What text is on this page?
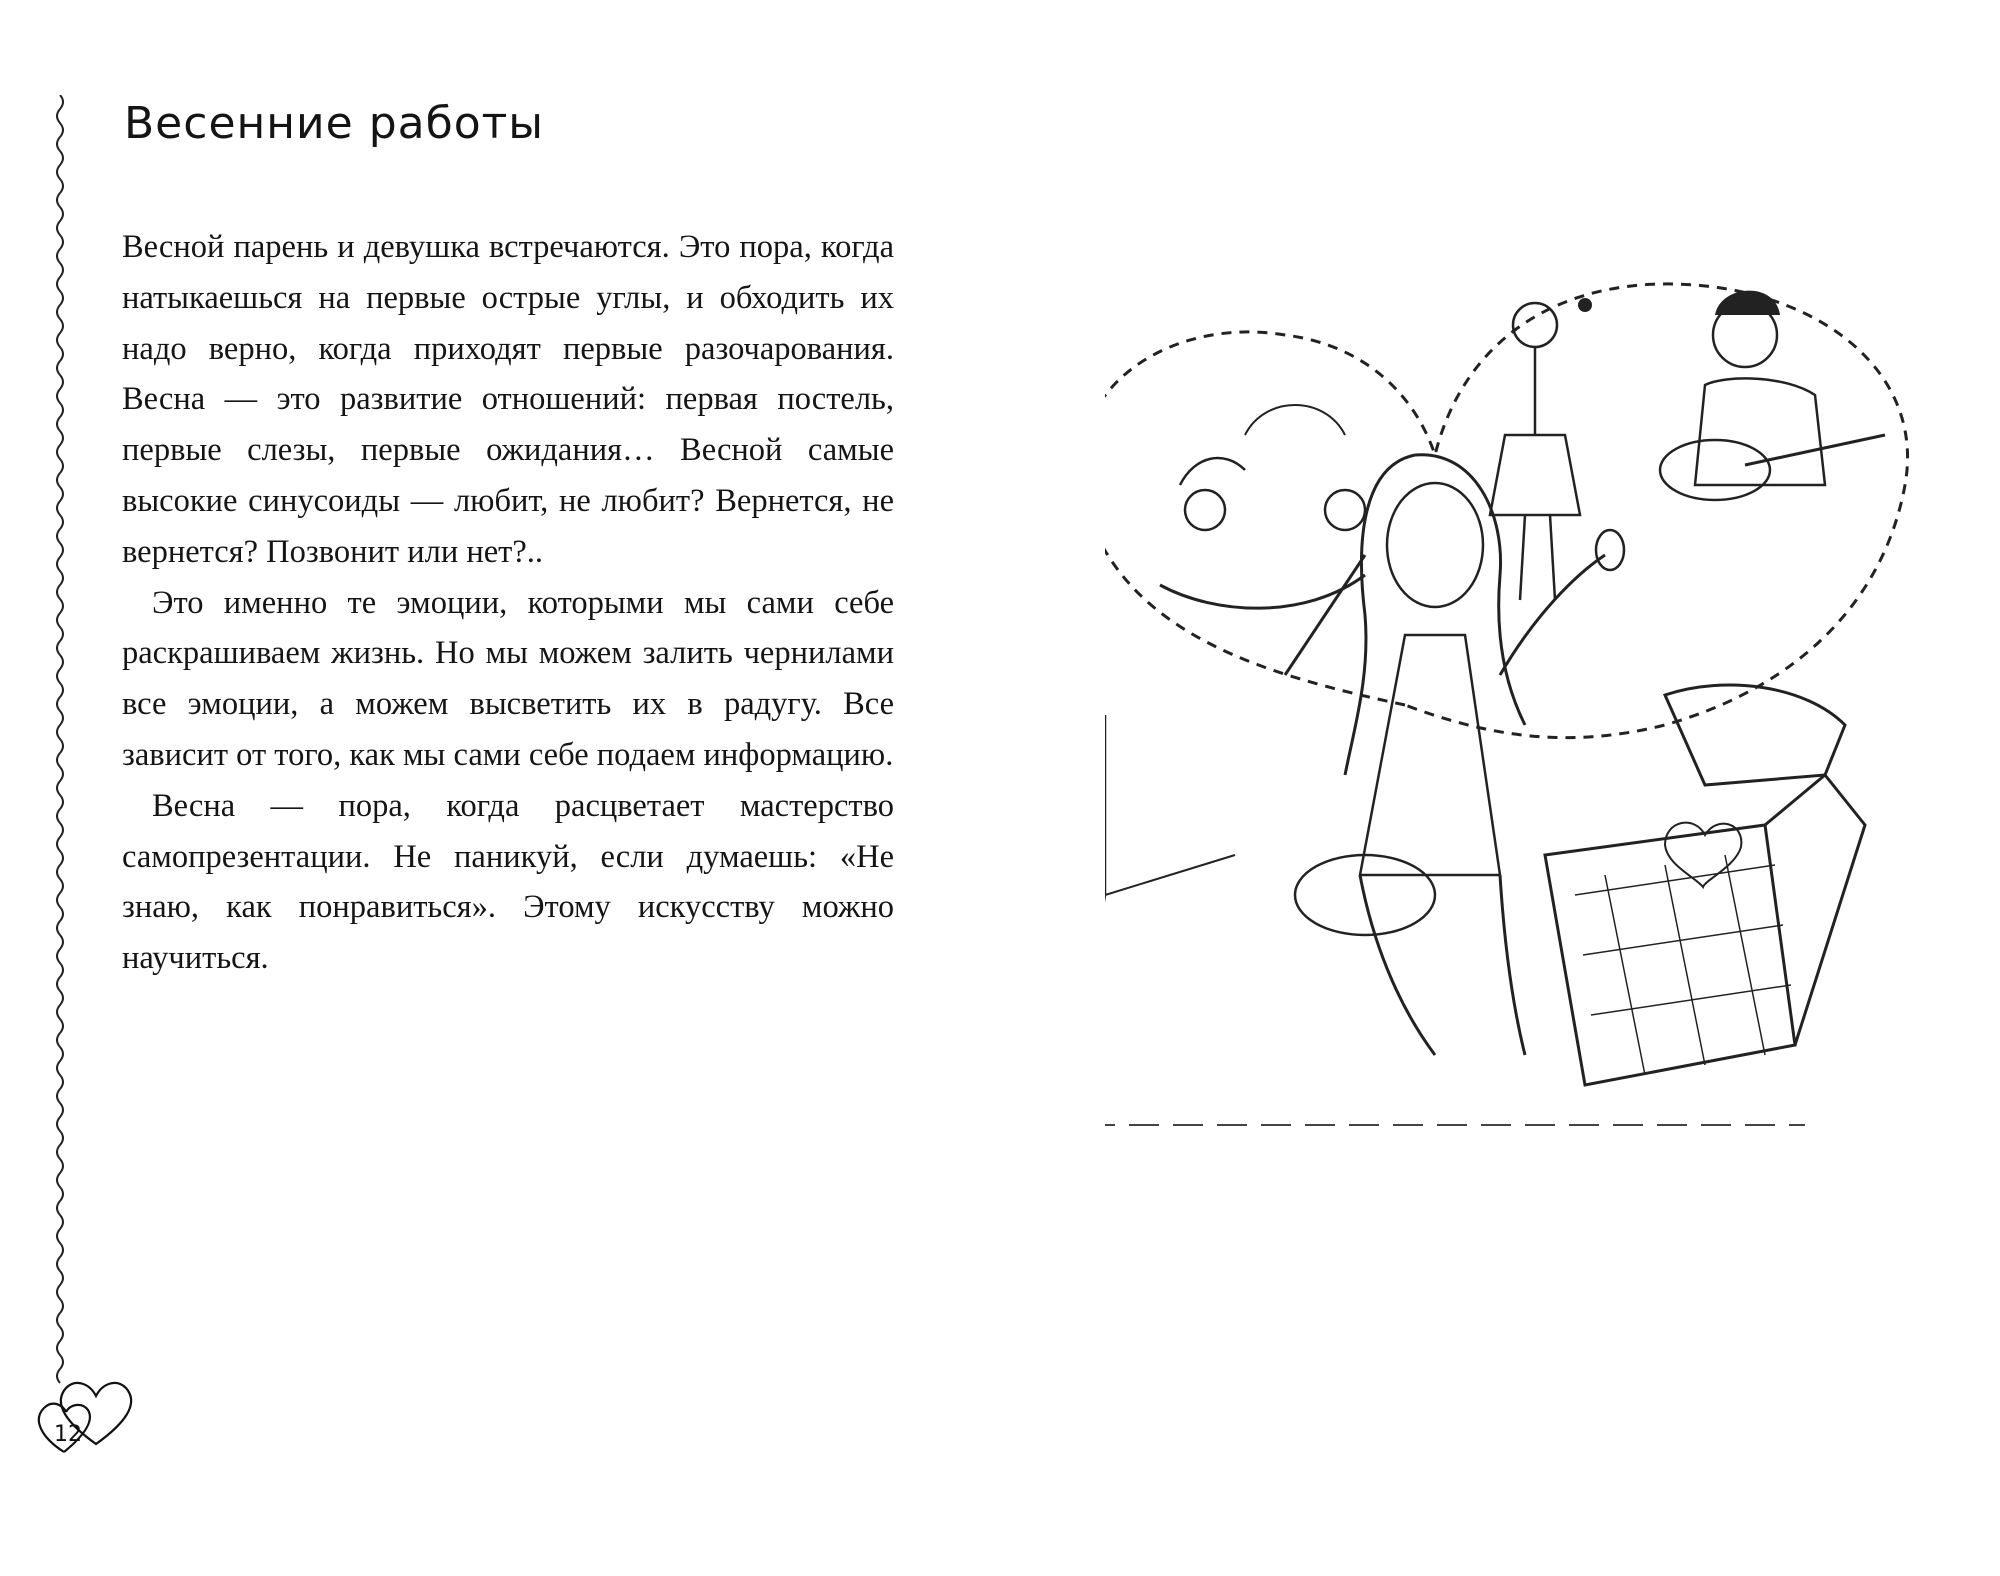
Весенние работы

Весной парень и девушка встречаются. Это пора, когда натыкаешься на первые острые углы, и обходить их надо верно, когда приходят первые разочарования. Весна — это развитие отношений: первая постель, первые слезы, первые ожидания… Весной самые высокие синусоиды — любит, не любит? Вернется, не вернется? Позвонит или нет?..

Это именно те эмоции, которыми мы сами себе раскрашиваем жизнь. Но мы можем залить чернилами все эмоции, а можем высветить их в радугу. Все зависит от того, как мы сами себе подаем информацию.

Весна — пора, когда расцветает мастерство самопрезентации. Не паникуй, если думаешь: «Не знаю, как понравиться». Этому искусству можно научиться.

12
